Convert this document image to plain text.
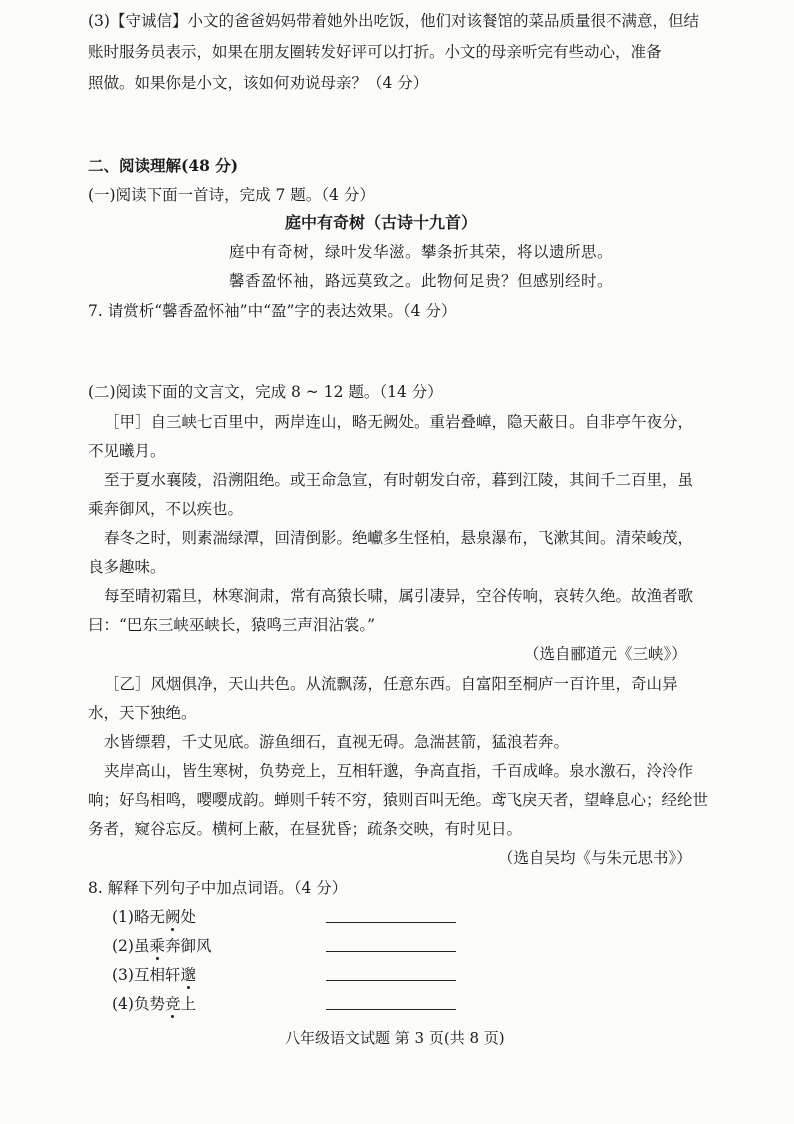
(3)【守诚信】小文的爸爸妈妈带着她外出吃饭，他们对该餐馆的菜品质量很不满意，但结
账时服务员表示，如果在朋友圈转发好评可以打折。小文的母亲听完有些动心，准备
照做。如果你是小文，该如何劝说母亲？（4 分）
二、阅读理解(48 分)
(一)阅读下面一首诗，完成 7 题。（4 分）
庭中有奇树（古诗十九首）
庭中有奇树，绿叶发华滋。攀条折其荣，将以遗所思。
馨香盈怀袖，路远莫致之。此物何足贵？但感别经时。
7. 请赏析“馨香盈怀袖”中“盈”字的表达效果。（4 分）
(二)阅读下面的文言文，完成 8 ~ 12 题。（14 分）
［甲］自三峡七百里中，两岸连山，略无阙处。重岩叠嶂，隐天蔽日。自非亭午夜分，
不见曦月。
至于夏水襄陵，沿溯阻绝。或王命急宣，有时朝发白帝，暮到江陵，其间千二百里，虽
乘奔御风，不以疾也。
春冬之时，则素湍绿潭，回清倒影。绝巘多生怪柏，悬泉瀑布，飞漱其间。清荣峻茂，
良多趣味。
每至晴初霜旦，林寒涧肃，常有高猿长啸，属引凄异，空谷传响，哀转久绝。故渔者歌
曰：“巴东三峡巫峡长，猿鸣三声泪沾裳。”
（选自郦道元《三峡》）
［乙］风烟俱净，天山共色。从流飘荡，任意东西。自富阳至桐庐一百许里，奇山异
水，天下独绝。
水皆缥碧，千丈见底。游鱼细石，直视无碍。急湍甚箭，猛浪若奔。
夹岸高山，皆生寒树，负势竞上，互相轩邈，争高直指，千百成峰。泉水激石，泠泠作
响；好鸟相鸣，嘤嘤成韵。蝉则千转不穷，猿则百叫无绝。鸢飞戾天者，望峰息心；经纶世
务者，窥谷忘反。横柯上蔽，在昼犹昏；疏条交映，有时见日。
（选自吴均《与朱元思书》）
8. 解释下列句子中加点词语。（4 分）
(1)略无阙处
(2)虽乘奔御风
(3)互相轩邈
(4)负势竞上
八年级语文试题 第 3 页(共 8 页)
